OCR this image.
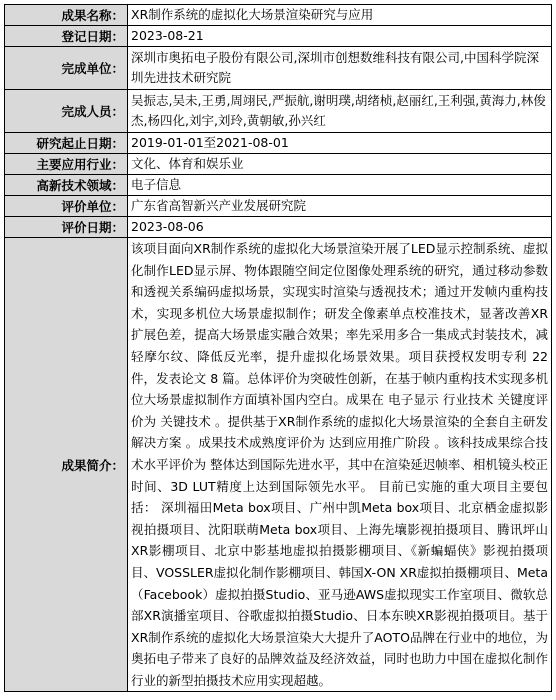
成果名称：	XR制作系统的虚拟化大场景渲染研究与应用
登记日期：	2023-08-21
完成单位：	深圳市奥拓电子股份有限公司,深圳市创想数维科技有限公司,中国科学院深圳先进技术研究院
完成人员：	吴振志,吴未,王勇,周翊民,严振航,谢明璞,胡绪桢,赵丽红,王利强,黄海力,林俊杰,杨四化,刘宇,刘玲,黄朝敏,孙兴红
研究起止日期：	2019-01-01至2021-08-01
主要应用行业：	文化、体育和娱乐业
高新技术领域：	电子信息
评价单位：	广东省高智新兴产业发展研究院
评价日期：	2023-08-06
成果简介：	该项目面向XR制作系统的虚拟化大场景渲染开展了LED显示控制系统、虚拟化制作LED显示屏、物体跟随空间定位图像处理系统的研究，通过移动参数和透视关系编码虚拟场景，实现实时渲染与透视技术；通过开发帧内重构技术，实现多机位大场景虚拟制作；研发全像素单点校准技术，显著改善XR扩展色差，提高大场景虚实融合效果；率先采用多合一集成式封装技术，减轻摩尔纹、降低反光率，提升虚拟化场景效果。项目获授权发明专利 22 件，发表论文 8 篇。总体评价为突破性创新，在基于帧内重构技术实现多机位大场景虚拟制作方面填补国内空白。成果在 电子显示 行业技术 关键度评价为 关键技术 。提供基于XR制作系统的虚拟化大场景渲染的全套自主研发解决方案 。成果技术成熟度评价为 达到应用推广阶段 。该科技成果综合技术水平评价为 整体达到国际先进水平，其中在渲染延迟帧率、相机镜头校正时间、3D LUT精度上达到国际领先水平。 目前已实施的重大项目主要包括： 深圳福田Meta box项目、广州中凯Meta box项目、北京栖金虚拟影视拍摄项目、沈阳联萌Meta box项目、上海先壤影视拍摄项目、腾讯坪山XR影棚项目、北京中影基地虚拟拍摄影棚项目、《新蝙蝠侠》影视拍摄项目、VOSSLER虚拟化制作影棚项目、韩国X-ON XR虚拟拍摄棚项目、Meta（Facebook）虚拟拍摄Studio、亚马逊AWS虚拟现实工作室项目、微软总部XR演播室项目、谷歌虚拟拍摄Studio、日本东映XR影视拍摄项目。基于XR制作系统的虚拟化大场景渲染大大提升了AOTO品牌在行业中的地位，为奥拓电子带来了良好的品牌效益及经济效益，同时也助力中国在虚拟化制作行业的新型拍摄技术应用实现超越。
